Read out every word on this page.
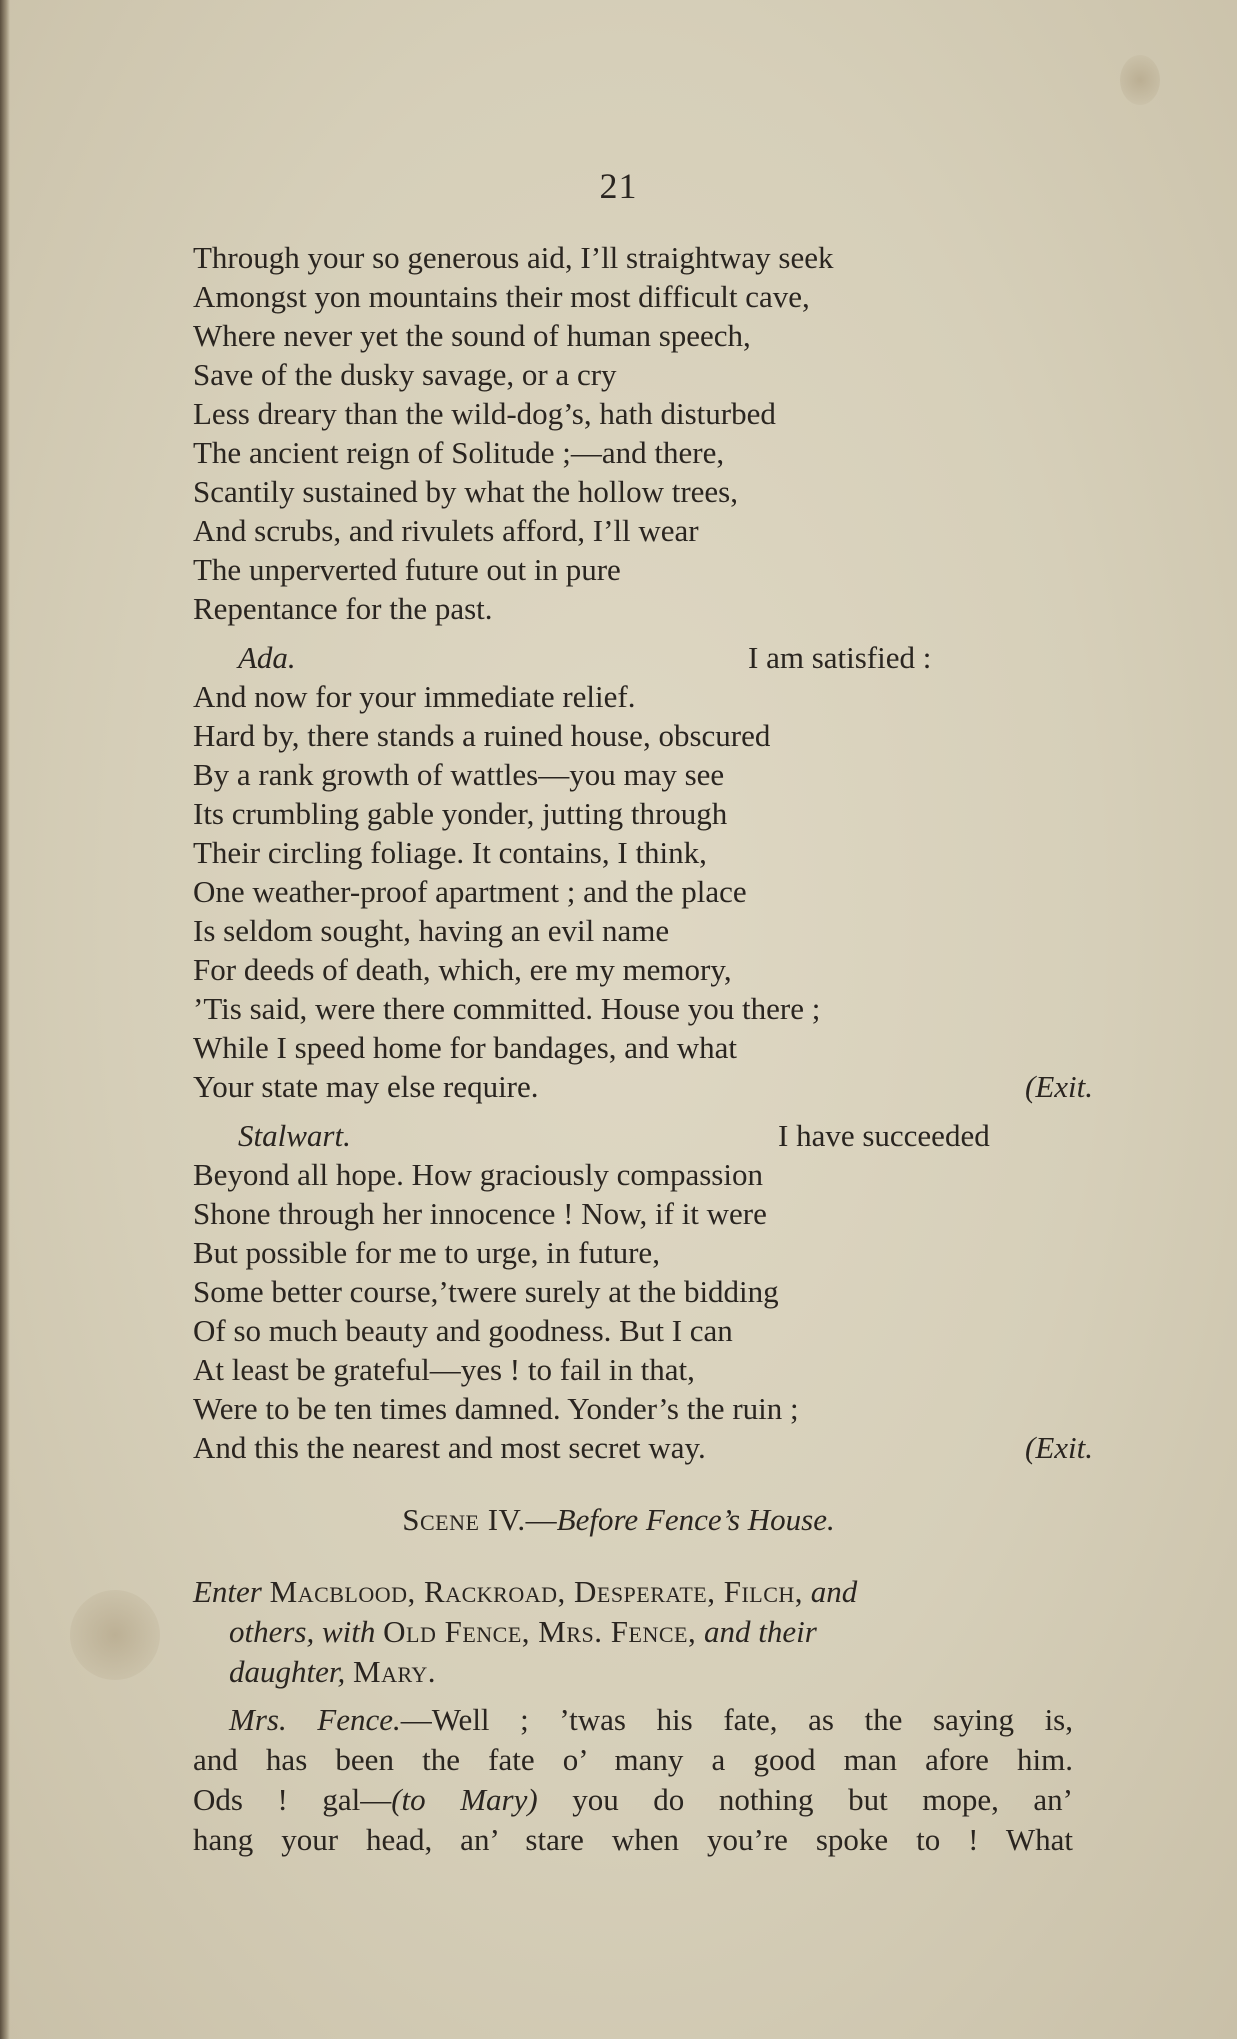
21
Through your so generous aid, I’ll straightway seek
Amongst yon mountains their most difficult cave,
Where never yet the sound of human speech,
Save of the dusky savage, or a cry
Less dreary than the wild-dog’s, hath disturbed
The ancient reign of Solitude ;—and there,
Scantily sustained by what the hollow trees,
And scrubs, and rivulets afford, I’ll wear
The unperverted future out in pure
Repentance for the past.
Ada.	I am satisfied :
And now for your immediate relief.
Hard by, there stands a ruined house, obscured
By a rank growth of wattles—you may see
Its crumbling gable yonder, jutting through
Their circling foliage. It contains, I think,
One weather-proof apartment ; and the place
Is seldom sought, having an evil name
For deeds of death, which, ere my memory,
’Tis said, were there committed. House you there ;
While I speed home for bandages, and what
Your state may else require.	(Exit.
Stalwart.	I have succeeded
Beyond all hope. How graciously compassion
Shone through her innocence ! Now, if it were
But possible for me to urge, in future,
Some better course,’twere surely at the bidding
Of so much beauty and goodness. But I can
At least be grateful—yes ! to fail in that,
Were to be ten times damned. Yonder’s the ruin ;
And this the nearest and most secret way.	(Exit.
Scene IV.—Before Fence’s House.
Enter Macblood, Rackroad, Desperate, Filch, and
others, with Old Fence, Mrs. Fence, and their
daughter, Mary.
Mrs. Fence.—Well ; ’twas his fate, as the saying is,
and has been the fate o’ many a good man afore him.
Ods ! gal—(to Mary) you do nothing but mope, an’
hang your head, an’ stare when you’re spoke to ! What
